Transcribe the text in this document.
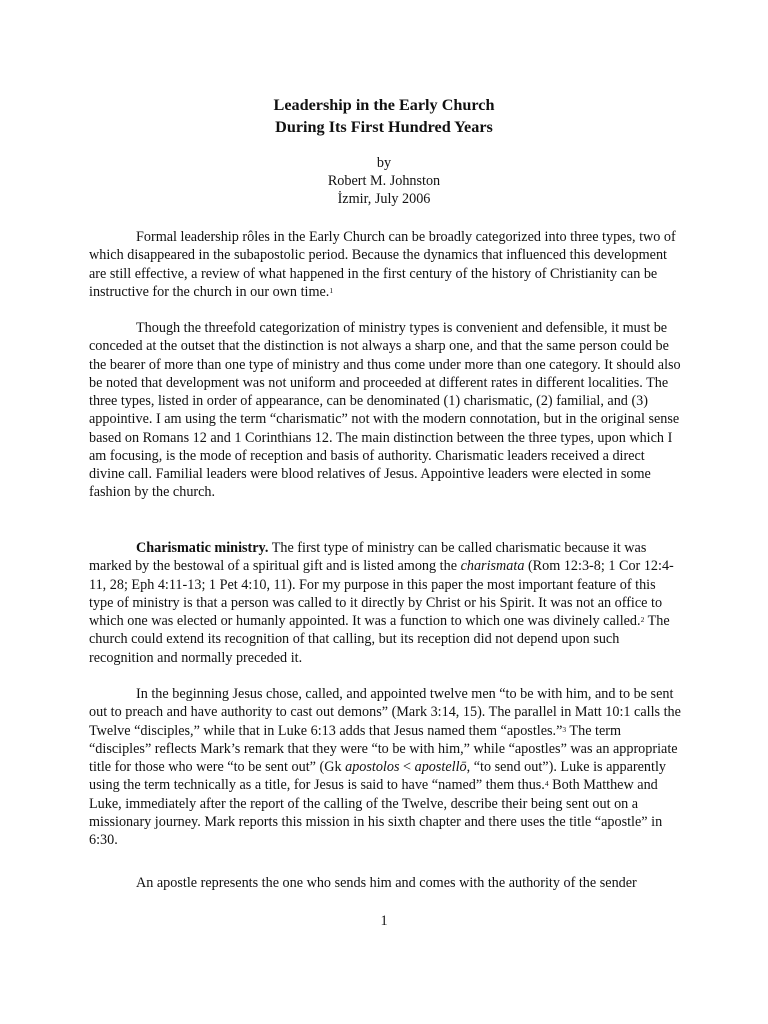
Leadership in the Early Church
During Its First Hundred Years
by
Robert M. Johnston
İzmir, July 2006

Formal leadership rôles in the Early Church can be broadly categorized into three types, two of which disappeared in the subapostolic period. Because the dynamics that influenced this development are still effective, a review of what happened in the first century of the history of Christianity can be instructive for the church in our own time.$^1$

Though the threefold categorization of ministry types is convenient and defensible, it must be conceded at the outset that the distinction is not always a sharp one, and that the same person could be the bearer of more than one type of ministry and thus come under more than one category. It should also be noted that development was not uniform and proceeded at different rates in different localities. The three types, listed in order of appearance, can be denominated (1) charismatic, (2) familial, and (3) appointive. I am using the term “charismatic” not with the modern connotation, but in the original sense based on Romans 12 and 1 Corinthians 12. The main distinction between the three types, upon which I am focusing, is the mode of reception and basis of authority. Charismatic leaders received a direct divine call. Familial leaders were blood relatives of Jesus. Appointive leaders were elected in some fashion by the church.

Charismatic ministry. The first type of ministry can be called charismatic because it was marked by the bestowal of a spiritual gift and is listed among the charismata (Rom 12:3-8; 1 Cor 12:4-11, 28; Eph 4:11-13; 1 Pet 4:10, 11). For my purpose in this paper the most important feature of this type of ministry is that a person was called to it directly by Christ or his Spirit. It was not an office to which one was elected or humanly appointed. It was a function to which one was divinely called.$^2$ The church could extend its recognition of that calling, but its reception did not depend upon such recognition and normally preceded it.

In the beginning Jesus chose, called, and appointed twelve men “to be with him, and to be sent out to preach and have authority to cast out demons” (Mark 3:14, 15). The parallel in Matt 10:1 calls the Twelve “disciples,” while that in Luke 6:13 adds that Jesus named them “apostles.”$^3$ The term “disciples” reflects Mark’s remark that they were “to be with him,” while “apostles” was an appropriate title for those who were “to be sent out” (Gk apostolos < apostellō, “to send out”). Luke is apparently using the term technically as a title, for Jesus is said to have “named” them thus.$^4$ Both Matthew and Luke, immediately after the report of the calling of the Twelve, describe their being sent out on a missionary journey. Mark reports this mission in his sixth chapter and there uses the title “apostle” in 6:30.

An apostle represents the one who sends him and comes with the authority of the sender

1
